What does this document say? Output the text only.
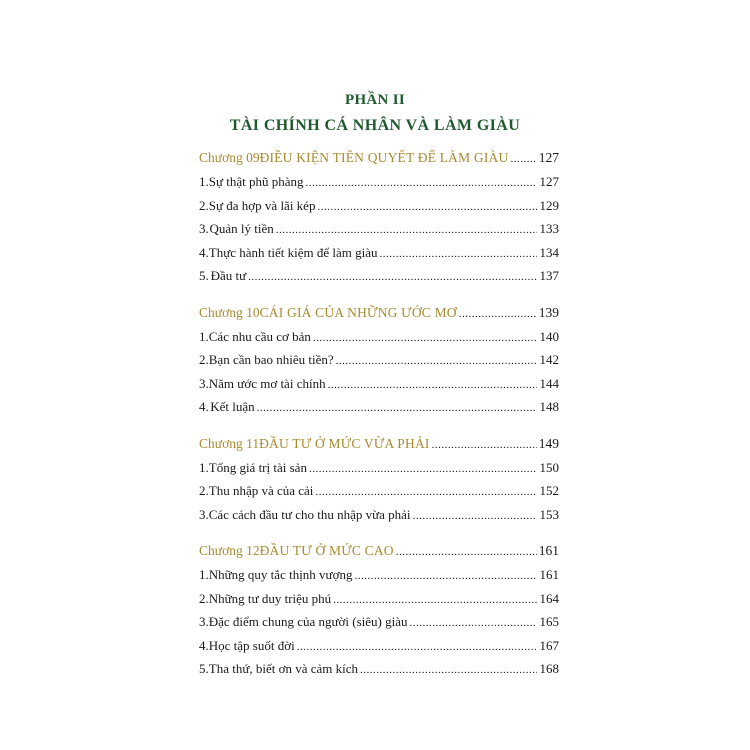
PHẦN II
TÀI CHÍNH CÁ NHÂN VÀ LÀM GIÀU
Chương 09 ĐIỀU KIỆN TIÊN QUYẾT ĐỂ LÀM GIÀU ..... 127
1. Sự thật phũ phàng .....	127
2. Sự đa hợp và lãi kép .....	129
3. Quản lý tiền .....	133
4. Thực hành tiết kiệm để làm giàu .....	134
5. Đầu tư .....	137
Chương 10 CÁI GIÁ CỦA NHỮNG ƯỚC MƠ .....	139
1. Các nhu cầu cơ bản .....	140
2. Bạn cần bao nhiêu tiền? .....	142
3. Năm ước mơ tài chính .....	144
4. Kết luận .....	148
Chương 11 ĐẦU TƯ Ở MỨC VỪA PHẢI .....	149
1. Tổng giá trị tài sản .....	150
2. Thu nhập và của cải .....	152
3. Các cách đầu tư cho thu nhập vừa phải .....	153
Chương 12 ĐẦU TƯ Ở MỨC CAO .....	161
1. Những quy tắc thịnh vượng .....	161
2. Những tư duy triệu phú .....	164
3. Đặc điểm chung của người (siêu) giàu .....	165
4. Học tập suốt đời .....	167
5. Tha thứ, biết ơn và cảm kích .....	168
